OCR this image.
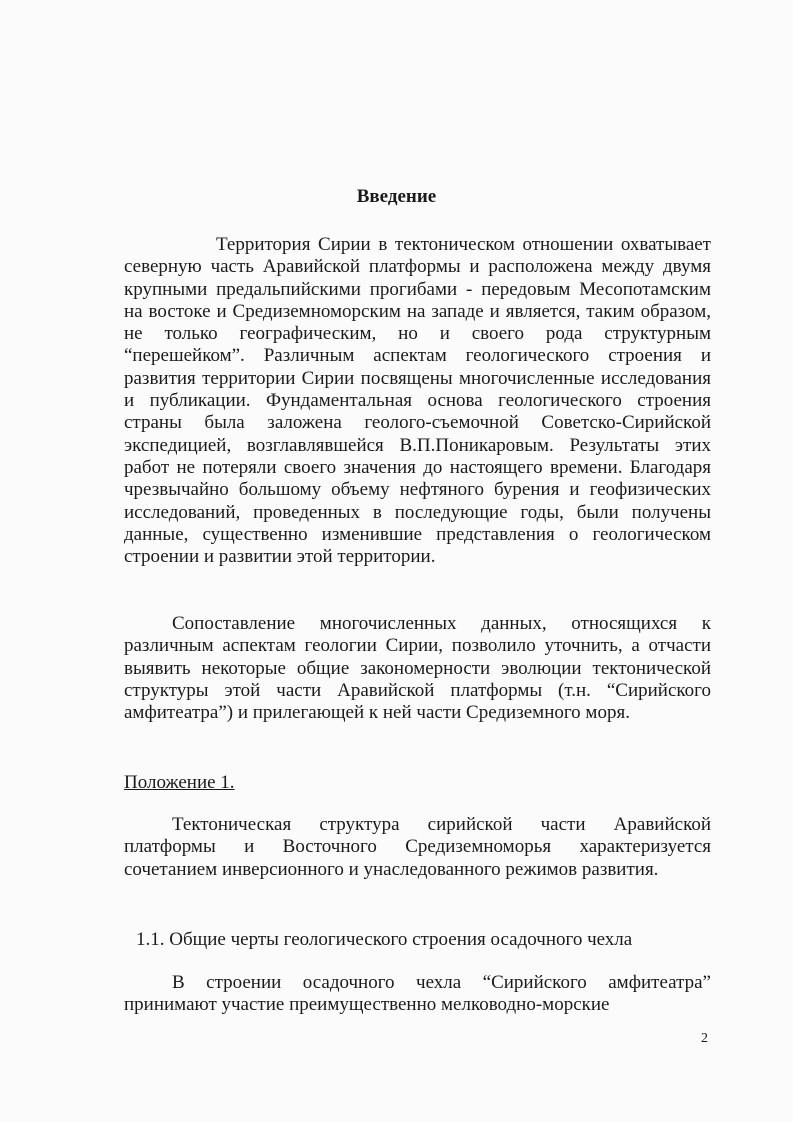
Введение

Территория Сирии в тектоническом отношении охватывает северную часть Аравийской платформы и расположена между двумя крупными предальпийскими прогибами - передовым Месопотамским на востоке и Средиземноморским на западе и является, таким образом, не только географическим, но и своего рода структурным “перешейком”. Различным аспектам геологического строения и развития территории Сирии посвящены многочисленные исследования и публикации. Фундаментальная основа геологического строения страны была заложена геолого-съемочной Советско-Сирийской экспедицией, возглавлявшейся В.П.Поникаровым. Результаты этих работ не потеряли своего значения до настоящего времени. Благодаря чрезвычайно большому объему нефтяного бурения и геофизических исследований, проведенных в последующие годы, были получены данные, существенно изменившие представления о геологическом строении и развитии этой территории.

Сопоставление многочисленных данных, относящихся к различным аспектам геологии Сирии, позволило уточнить, а отчасти выявить некоторые общие закономерности эволюции тектонической структуры этой части Аравийской платформы (т.н. “Сирийского амфитеатра”) и прилегающей к ней части Средиземного моря.

Положение 1.

Тектоническая структура сирийской части Аравийской платформы и Восточного Средиземноморья характеризуется сочетанием инверсионного и унаследованного режимов развития.

1.1. Общие черты геологического строения осадочного чехла

В строении осадочного чехла “Сирийского амфитеатра” принимают участие преимущественно мелководно-морские

2
